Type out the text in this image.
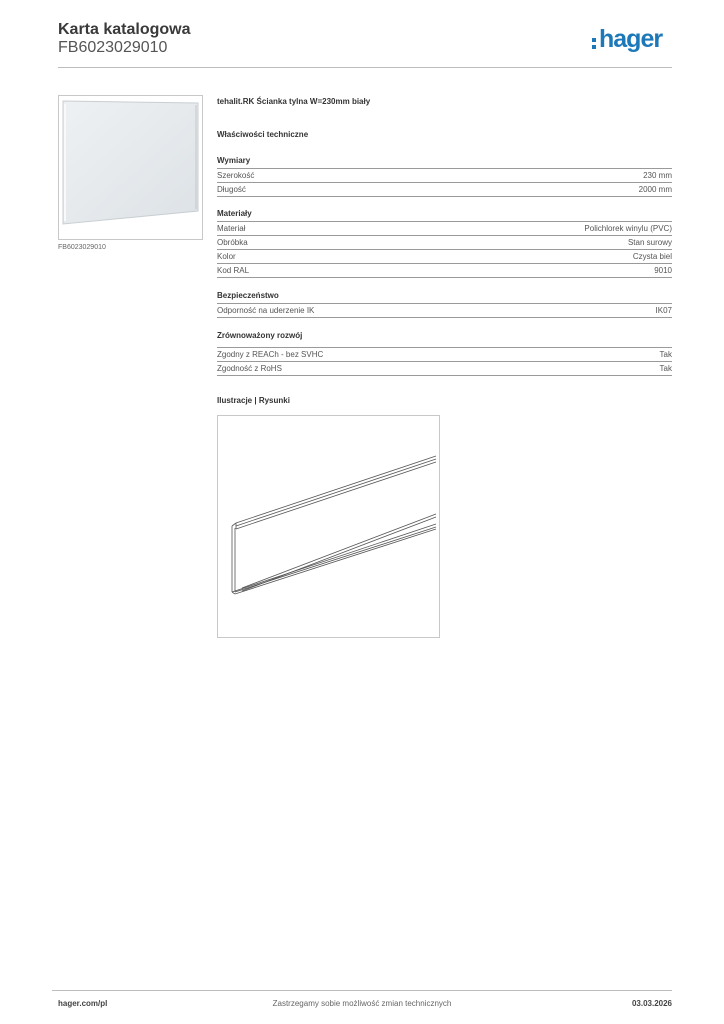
Karta katalogowa
FB6023029010	hager
FB6023029010
tehalit.RK Ścianka tylna W=230mm biały
Właściwości techniczne
Wymiary
Szerokość	230 mm
Długość	2000 mm
Materiały
Materiał	Polichlorek winylu (PVC)
Obróbka	Stan surowy
Kolor	Czysta biel
Kod RAL	9010
Bezpieczeństwo
Odporność na uderzenie IK	IK07
Zrównoważony rozwój
Zgodny z REACh - bez SVHC	Tak
Zgodność z RoHS	Tak
Ilustracje | Rysunki
hager.com/pl	Zastrzegamy sobie możliwość zmian technicznych	03.03.2026
